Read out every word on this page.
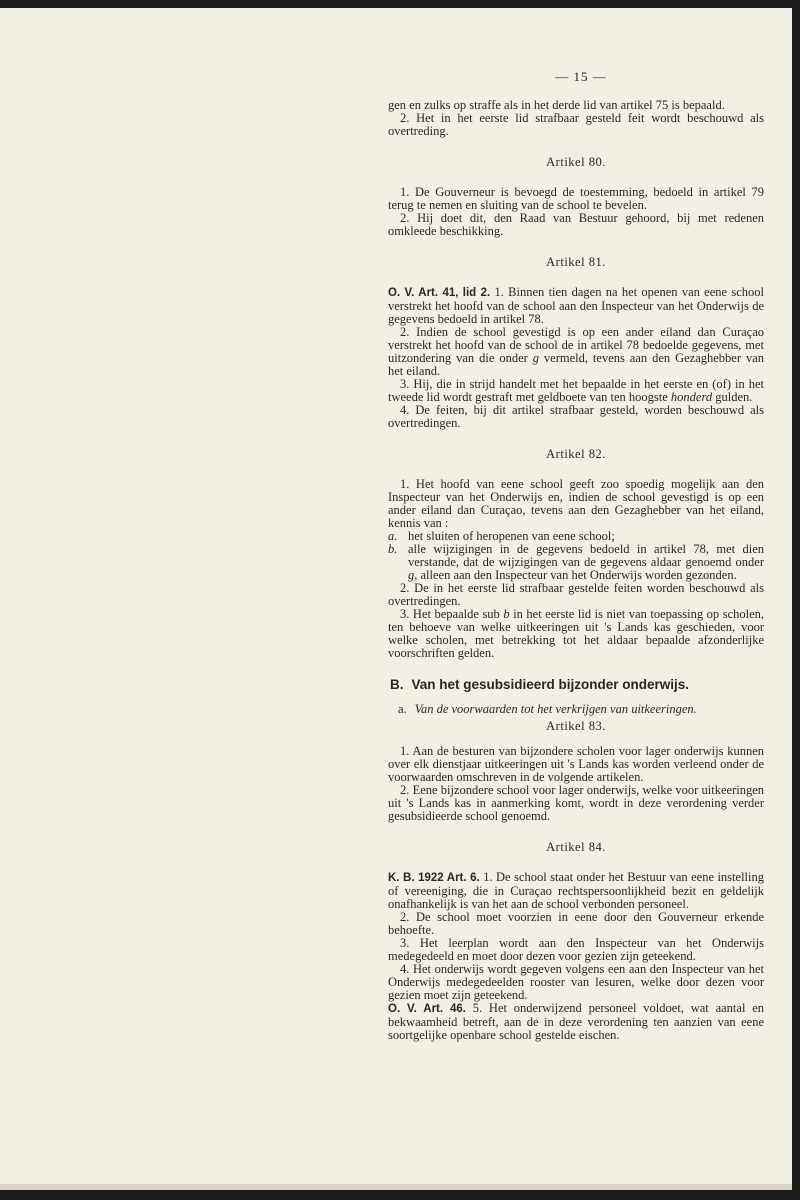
— 15 —

gen en zulks op straffe als in het derde lid van artikel 75 is bepaald.

2. Het in het eerste lid strafbaar gesteld feit wordt beschouwd als overtreding.

Artikel 80.

1. De Gouverneur is bevoegd de toestemming, bedoeld in artikel 79 terug te nemen en sluiting van de school te bevelen.

2. Hij doet dit, den Raad van Bestuur gehoord, bij met redenen omkleede beschikking.

Artikel 81.

O. V. Art. 41, lid 2. 1. Binnen tien dagen na het openen van eene school verstrekt het hoofd van de school aan den Inspecteur van het Onderwijs de gegevens bedoeld in artikel 78.

2. Indien de school gevestigd is op een ander eiland dan Curaçao verstrekt het hoofd van de school de in artikel 78 bedoelde gegevens, met uitzondering van die onder g vermeld, tevens aan den Gezaghebber van het eiland.

3. Hij, die in strijd handelt met het bepaalde in het eerste en (of) in het tweede lid wordt gestraft met geldboete van ten hoogste honderd gulden.

4. De feiten, bij dit artikel strafbaar gesteld, worden beschouwd als overtredingen.

Artikel 82.

1. Het hoofd van eene school geeft zoo spoedig mogelijk aan den Inspecteur van het Onderwijs en, indien de school gevestigd is op een ander eiland dan Curaçao, tevens aan den Gezaghebber van het eiland, kennis van :

a. het sluiten of heropenen van eene school;
b. alle wijzigingen in de gegevens bedoeld in artikel 78, met dien verstande, dat de wijzigingen van de gegevens aldaar genoemd onder g, alleen aan den Inspecteur van het Onderwijs worden gezonden.

2. De in het eerste lid strafbaar gestelde feiten worden beschouwd als overtredingen.

3. Het bepaalde sub b in het eerste lid is niet van toepassing op scholen, ten behoeve van welke uitkeeringen uit 's Lands kas geschieden, voor welke scholen, met betrekking tot het aldaar bepaalde afzonderlijke voorschriften gelden.

B. Van het gesubsidieerd bijzonder onderwijs.
a. Van de voorwaarden tot het verkrijgen van uitkeeringen.
Artikel 83.

1. Aan de besturen van bijzondere scholen voor lager onderwijs kunnen over elk dienstjaar uitkeeringen uit 's Lands kas worden verleend onder de voorwaarden omschreven in de volgende artikelen.

2. Eene bijzondere school voor lager onderwijs, welke voor uitkeeringen uit 's Lands kas in aanmerking komt, wordt in deze verordening verder gesubsidieerde school genoemd.

Artikel 84.

K. B. 1922 Art. 6. 1. De school staat onder het Bestuur van eene instelling of vereeniging, die in Curaçao rechtspersoonlijkheid bezit en geldelijk onafhankelijk is van het aan de school verbonden personeel.

2. De school moet voorzien in eene door den Gouverneur erkende behoefte.

3. Het leerplan wordt aan den Inspecteur van het Onderwijs medegedeeld en moet door dezen voor gezien zijn geteekend.

4. Het onderwijs wordt gegeven volgens een aan den Inspecteur van het Onderwijs medegedeelden rooster van lesuren, welke door dezen voor gezien moet zijn geteekend.

O. V. Art. 46. 5. Het onderwijzend personeel voldoet, wat aantal en bekwaamheid betreft, aan de in deze verordening ten aanzien van eene soortgelijke openbare school gestelde eischen.
